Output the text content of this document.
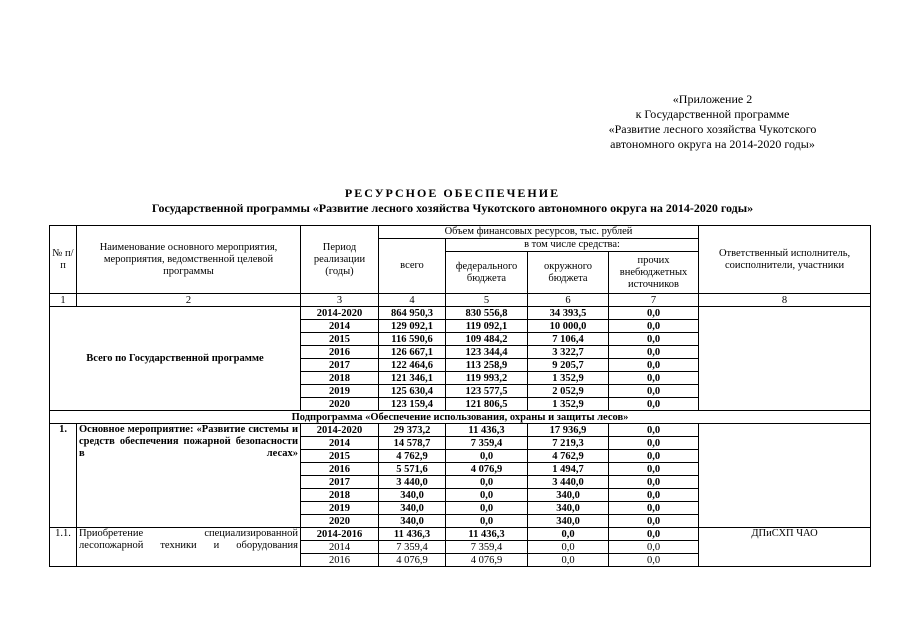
«Приложение 2
к Государственной программе
«Развитие лесного хозяйства Чукотского
автономного округа на 2014-2020 годы»
РЕСУРСНОЕ ОБЕСПЕЧЕНИЕ
Государственной программы «Развитие лесного хозяйства Чукотского автономного округа на 2014-2020 годы»
№ п/п	Наименование основного мероприятия, мероприятия, ведомственной целевой программы	Период реализации (годы)	Объем финансовых ресурсов, тыс. рублей				Ответственный исполнитель, соисполнители, участники
			всего	в том числе средства:			
				федерального бюджета	окружного бюджета	прочих внебюджетных источников	
1	2	3	4	5	6	7	8
Всего по Государственной программе		2014-2020	864 950,3	830 556,8	34 393,5	0,0	
		2014	129 092,1	119 092,1	10 000,0	0,0	
		2015	116 590,6	109 484,2	7 106,4	0,0	
		2016	126 667,1	123 344,4	3 322,7	0,0	
		2017	122 464,6	113 258,9	9 205,7	0,0	
		2018	121 346,1	119 993,2	1 352,9	0,0	
		2019	125 630,4	123 577,5	2 052,9	0,0	
		2020	123 159,4	121 806,5	1 352,9	0,0	
Подпрограмма «Обеспечение использования, охраны и защиты лесов»							
1.	Основное мероприятие: «Развитие системы и средств обеспечения пожарной безопасности в лесах»	2014-2020	29 373,2	11 436,3	17 936,9	0,0	
		2014	14 578,7	7 359,4	7 219,3	0,0	
		2015	4 762,9	0,0	4 762,9	0,0	
		2016	5 571,6	4 076,9	1 494,7	0,0	
		2017	3 440,0	0,0	3 440,0	0,0	
		2018	340,0	0,0	340,0	0,0	
		2019	340,0	0,0	340,0	0,0	
		2020	340,0	0,0	340,0	0,0	
1.1.	Приобретение специализированной лесопожарной техники и оборудования	2014-2016	11 436,3	11 436,3	0,0	0,0	ДПиСХП ЧАО
		2014	7 359,4	7 359,4	0,0	0,0	
		2016	4 076,9	4 076,9	0,0	0,0	
